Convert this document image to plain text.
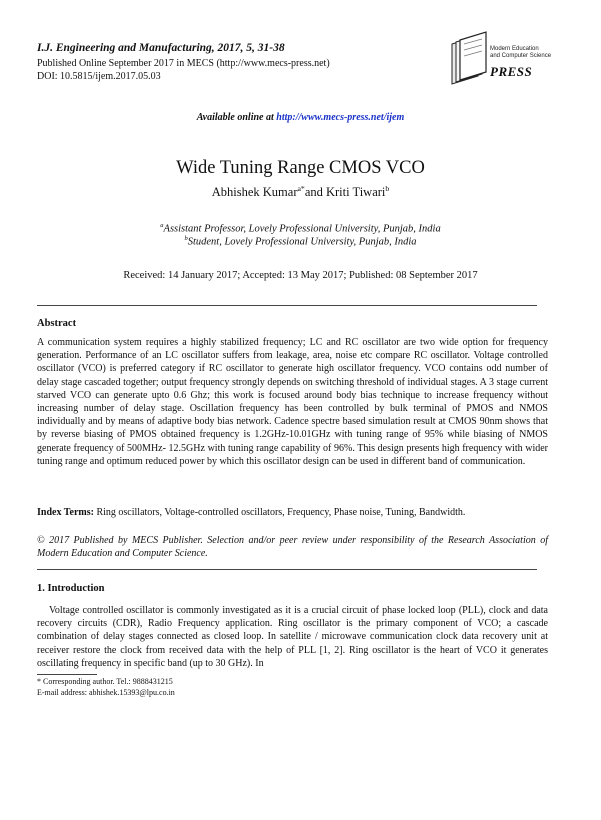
I.J. Engineering and Manufacturing, 2017, 5, 31-38
Published Online September 2017 in MECS (http://www.mecs-press.net)
DOI: 10.5815/ijem.2017.05.03
Modern Education
and Computer Science
PRESS
Available online at http://www.mecs-press.net/ijem
Wide Tuning Range CMOS VCO
Abhishek Kumar$^{a*}$and Kriti Tiwari$^b$
$^a$Assistant Professor, Lovely Professional University, Punjab, India
$^b$Student, Lovely Professional University, Punjab, India
Received: 14 January 2017; Accepted: 13 May 2017; Published: 08 September 2017
Abstract
A communication system requires a highly stabilized frequency; LC and RC oscillator are two wide option for frequency generation. Performance of an LC oscillator suffers from leakage, area, noise etc compare RC oscillator. Voltage controlled oscillator (VCO) is preferred category if RC oscillator to generate high oscillator frequency. VCO contains odd number of delay stage cascaded together; output frequency strongly depends on switching threshold of individual stages. A 3 stage current starved VCO can generate upto 0.6 Ghz; this work is focused around body bias technique to increase frequency without increasing number of delay stage. Oscillation frequency has been controlled by bulk terminal of PMOS and NMOS individually and by means of adaptive body bias network. Cadence spectre based simulation result at CMOS 90nm shows that by reverse biasing of PMOS obtained frequency is 1.2GHz-10.01GHz with tuning range of 95% while biasing of NMOS generate frequency of 500MHz- 12.5GHz with tuning range capability of 96%. This design presents high frequency with wider tuning range and optimum reduced power by which this oscillator design can be used in different band of communication.
Index Terms: Ring oscillators, Voltage-controlled oscillators, Frequency, Phase noise, Tuning, Bandwidth.
© 2017 Published by MECS Publisher. Selection and/or peer review under responsibility of the Research Association of Modern Education and Computer Science.
1. Introduction
Voltage controlled oscillator is commonly investigated as it is a crucial circuit of phase locked loop (PLL), clock and data recovery circuits (CDR), Radio Frequency application. Ring oscillator is the primary component of VCO; a cascade combination of delay stages connected as closed loop. In satellite / microwave communication clock data recovery unit at receiver restore the clock from received data with the help of PLL [1, 2]. Ring oscillator is the heart of VCO it generates oscillating frequency in specific band (up to 30 GHz). In
* Corresponding author. Tel.: 9888431215
E-mail address: abhishek.15393@lpu.co.in
